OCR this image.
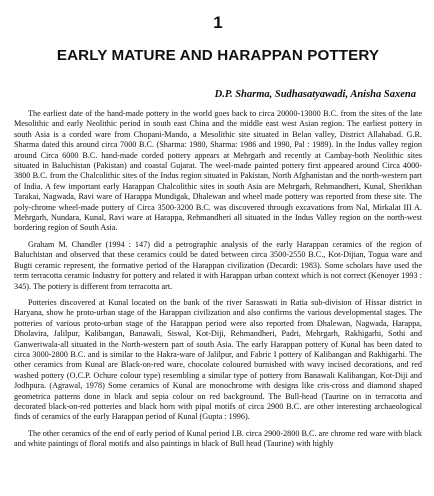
1
EARLY MATURE AND HARAPPAN POTTERY
D.P. Sharma, Sudhasatyawadi, Anisha Saxena

The earliest date of the hand-made pottery in the world goes back to circa 20000-13000 B.C. from the sites of the late Mesolithic and early Neolithic period in south east China and the middle east west Asian region. The earliest pottery in south Asia is a corded ware from Chopani-Mando, a Mesolithic site situated in Belan valley, District Allahabad. G.R. Sharma dated this around circa 7000 B.C. (Sharma: 1980, Sharma: 1986 and 1990, Pal : 1989). In the Indus valley region around Circa 6000 B.C. hand-made corded pottery appears at Mehrgarh and recently at Cambay-both Neolithic sites situated in Baluchistan (Pakistan) and coastal Gujarat. The weel-made painted pottery first appeared around Circa 4000-3800 B.C. from the Chalcolithic sites of the Indus region situated in Pakistan, North Afghanistan and the north-western part of India. A few important early Harappan Chalcolithic sites in south Asia are Mehrgarh, Rehmandheri, Kunal, Sherikhan Tarakai, Nagwada, Ravi ware of Harappa Mundigak, Dhalewan and wheel made pottery was reported from these site. The poly-chrome wheel-made pottery of Circa 3500-3200 B.C. was discovered through excavations from Nal, Mirkalat III A. Mehrgarh, Nundara, Kunal, Ravi ware at Harappa, Rehmandheri all situated in the Indus Valley region on the north-west bordering region of South Asia.

Graham M. Chandler (1994 : 147) did a petrographic analysis of the early Harappan ceramics of the region of Baluchistan and observed that these ceramics could be dated between circa 3500-2550 B.C., Kot-Dijian, Togua ware and Bugti ceramic represent, the formative period of the Harappan civilization (Decardi: 1983). Some scholars have used the term terracotta ceramic Industry for pottery and related it with Harappan urban context which is not correct (Kenoyer 1993 : 345). The pottery is different from terracotta art.

Potteries discovered at Kunal located on the bank of the river Saraswati in Ratia sub-division of Hissar district in Haryana, show he proto-urban stage of the Harappan civilization and also confirms the various developmental stages. The potteries of various proto-urban stage of the Harappan period were also reported from Dhalewan, Nagwada, Harappa, Dholavira, Jalilpur, Kalibangan, Banawali, Siswal, Kot-Diji, Rehmandheri, Padri, Mehrgarh, Rakhigarhi, Sothi and Ganweriwala-all situated in the North-western part of south Asia. The early Harappan pottery of Kunal has been dated to circa 3000-2800 B.C. and is similar to the Hakra-ware of Jalilpur, and Fabric I pottery of Kalibangan and Rakhigarhi. The other ceramics from Kunal are Black-on-red ware, chocolate coloured burnished with wavy incised decorations, and red washed pottery (O.C.P. Ochure colour type) resembling a similar type of pottery from Banawali Kalibangan, Kot-Diji and Jodhpura. (Agrawal, 1978) Some ceramics of Kunal are monochrome with designs like cris-cross and diamond shaped geometrica patterns done in black and sepia colour on red background. The Bull-head (Taurine on in terracotta and decorated black-on-red potteries and black horn with pipal motifs of circa 2900 B.C. are other interesting archaeological finds of ceramics of the early Harappan period of Kunal (Gupta : 1996).

The other ceramics of the end of early period of Kunal period I.B. circa 2900-2800 B.C. are chrome red ware with black and white paintings of floral motifs and also paintings in black of Bull head (Taurine) with highly
